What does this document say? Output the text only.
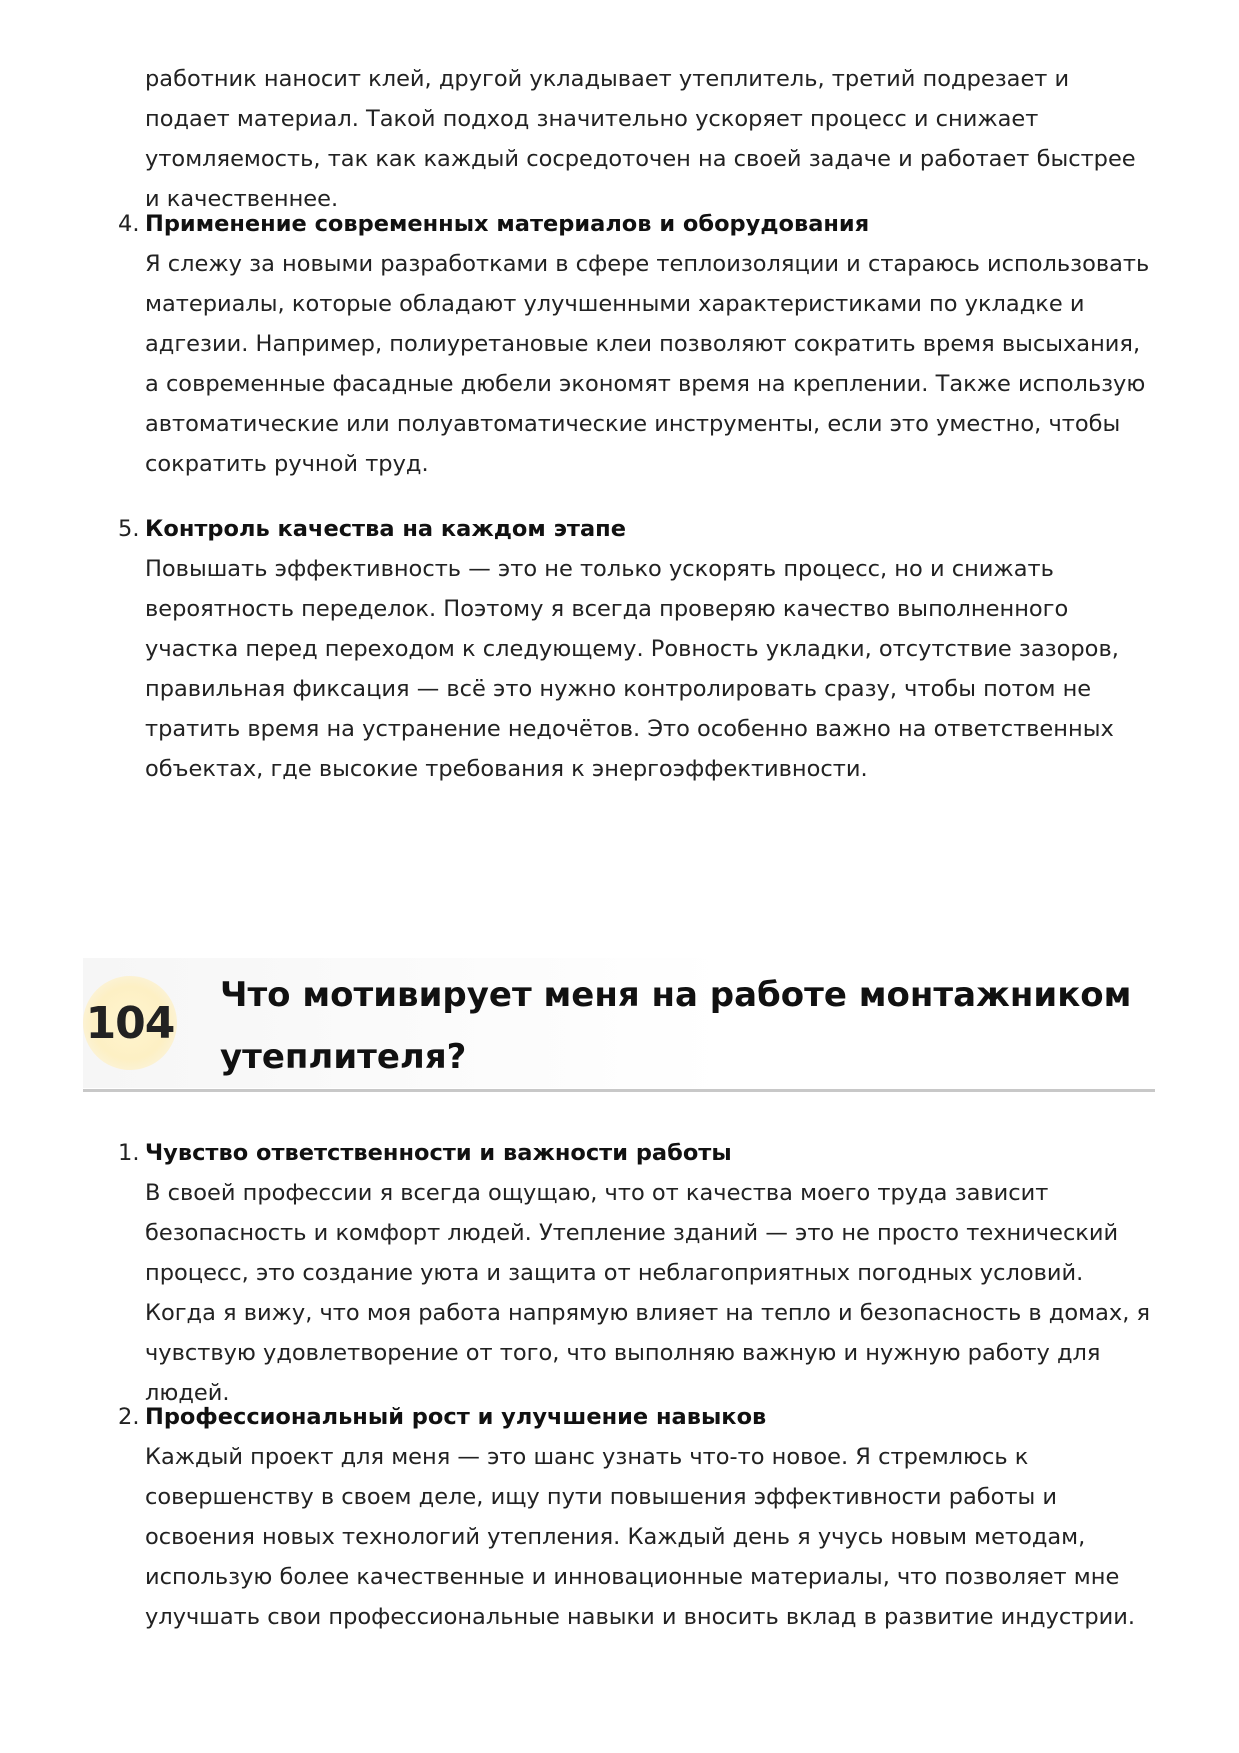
работник наносит клей, другой укладывает утеплитель, третий подрезает и подает материал. Такой подход значительно ускоряет процесс и снижает утомляемость, так как каждый сосредоточен на своей задаче и работает быстрее и качественнее.

4. Применение современных материалов и оборудования
Я слежу за новыми разработками в сфере теплоизоляции и стараюсь использовать материалы, которые обладают улучшенными характеристиками по укладке и адгезии. Например, полиуретановые клеи позволяют сократить время высыхания, а современные фасадные дюбели экономят время на креплении. Также использую автоматические или полуавтоматические инструменты, если это уместно, чтобы сократить ручной труд.
5. Контроль качества на каждом этапе
Повышать эффективность — это не только ускорять процесс, но и снижать вероятность переделок. Поэтому я всегда проверяю качество выполненного участка перед переходом к следующему. Ровность укладки, отсутствие зазоров, правильная фиксация — всё это нужно контролировать сразу, чтобы потом не тратить время на устранение недочётов. Это особенно важно на ответственных объектах, где высокие требования к энергоэффективности.
104
Что мотивирует меня на работе монтажником утеплителя?
1. Чувство ответственности и важности работы
В своей профессии я всегда ощущаю, что от качества моего труда зависит безопасность и комфорт людей. Утепление зданий — это не просто технический процесс, это создание уюта и защита от неблагоприятных погодных условий. Когда я вижу, что моя работа напрямую влияет на тепло и безопасность в домах, я чувствую удовлетворение от того, что выполняю важную и нужную работу для людей.
2. Профессиональный рост и улучшение навыков
Каждый проект для меня — это шанс узнать что-то новое. Я стремлюсь к совершенству в своем деле, ищу пути повышения эффективности работы и освоения новых технологий утепления. Каждый день я учусь новым методам, использую более качественные и инновационные материалы, что позволяет мне улучшать свои профессиональные навыки и вносить вклад в развитие индустрии.
